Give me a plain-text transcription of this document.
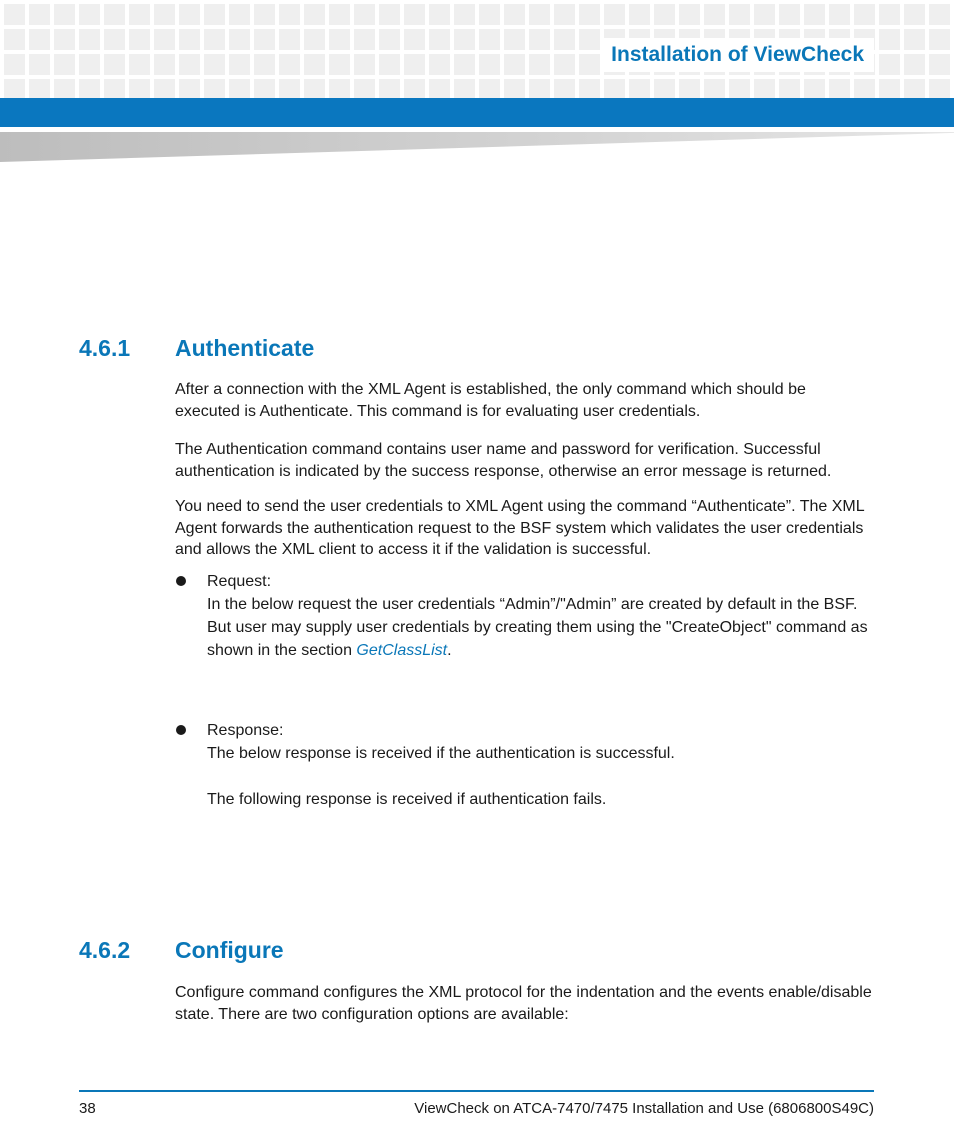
Installation of ViewCheck
4.6.1 Authenticate

After a connection with the XML Agent is established, the only command which should be executed is Authenticate. This command is for evaluating user credentials.

The Authentication command contains user name and password for verification. Successful authentication is indicated by the success response, otherwise an error message is returned.

You need to send the user credentials to XML Agent using the command “Authenticate”. The XML Agent forwards the authentication request to the BSF system which validates the user credentials and allows the XML client to access it if the validation is successful.

Request:

In the below request the user credentials “Admin”/"Admin” are created by default in the BSF. But user may supply user credentials by creating them using the "CreateObject" command as shown in the section GetClassList.

Response:

The below response is received if the authentication is successful.

The following response is received if authentication fails.

4.6.2 Configure

Configure command configures the XML protocol for the indentation and the events enable/disable state. There are two configuration options are available:

38	ViewCheck on ATCA-7470/7475 Installation and Use (6806800S49C)
